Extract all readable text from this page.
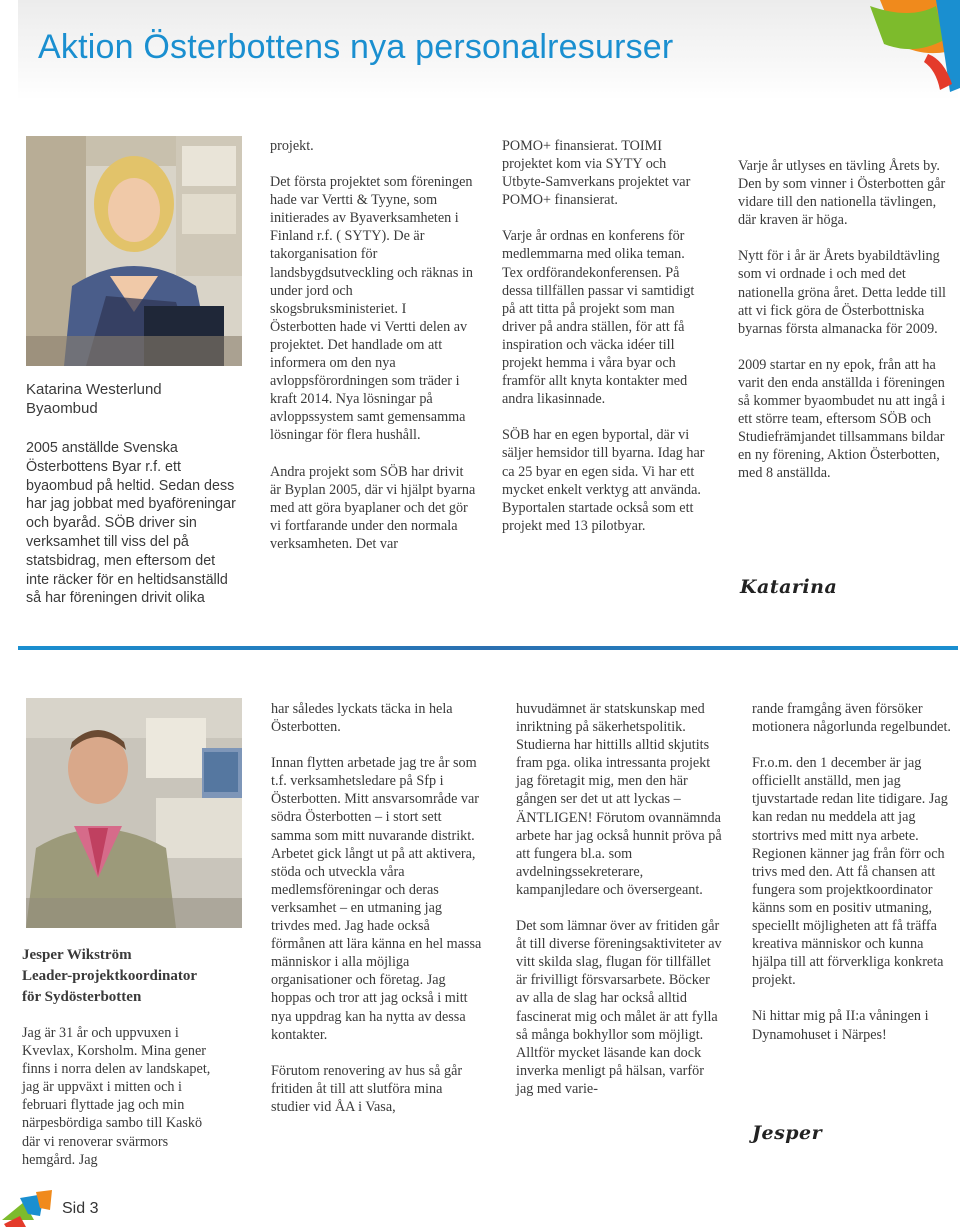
Aktion Österbottens nya personalresurser
Katarina Westerlund
Byaombud

2005 anställde Svenska Österbottens Byar r.f. ett byaombud på heltid. Sedan dess har jag jobbat med byaföreningar och byaråd. SÖB driver sin verksamhet till viss del på statsbidrag, men eftersom det inte räcker för en heltidsanställd så har föreningen drivit olika

projekt.

Det första projektet som föreningen hade var Vertti & Tyyne, som initierades av Byaverksamheten i Finland r.f. ( SYTY). De är takorganisation för landsbygdsutveckling och räknas in under jord och skogsbruksministeriet. I Österbotten hade vi Vertti delen av projektet. Det handlade om att informera om den nya avloppsförordningen som träder i kraft 2014. Nya lösningar på avloppssystem samt gemensamma lösningar för flera hushåll.

Andra projekt som SÖB har drivit är Byplan 2005, där vi hjälpt byarna med att göra byaplaner och det gör vi fortfarande under den normala verksamheten. Det var

POMO+ finansierat. TOIMI projektet kom via SYTY och Utbyte-Samverkans projektet var POMO+ finansierat.

Varje år ordnas en konferens för medlemmarna med olika teman. Tex ordförandekonferensen. På dessa tillfällen passar vi samtidigt på att titta på projekt som man driver på andra ställen, för att få inspiration och väcka idéer till projekt hemma i våra byar och framför allt knyta kontakter med andra likasinnade.

SÖB har en egen byportal, där vi säljer hemsidor till byarna. Idag har ca 25 byar en egen sida. Vi har ett mycket enkelt verktyg att använda. Byportalen startade också som ett projekt med 13 pilotbyar.

Varje år utlyses en tävling Årets by. Den by som vinner i Österbotten går vidare till den nationella tävlingen, där kraven är höga.

Nytt för i år är Årets byabildtävling som vi ordnade i och med det nationella gröna året. Detta ledde till att vi fick göra de Österbottniska byarnas första almanacka för 2009.

2009 startar en ny epok, från att ha varit den enda anställda i föreningen så kommer byaombudet nu att ingå i ett större team, eftersom SÖB och Studiefrämjandet tillsammans bildar en ny förening, Aktion Österbotten, med 8 anställda.

Katarina
Jesper Wikström
Leader-projektkoordinator
för Sydösterbotten

Jag är 31 år och uppvuxen i Kvevlax, Korsholm. Mina gener finns i norra delen av landskapet, jag är uppväxt i mitten och i februari flyttade jag och min närpesbördiga sambo till Kaskö där vi renoverar svärmors hemgård. Jag

har således lyckats täcka in hela Österbotten.

Innan flytten arbetade jag tre år som t.f. verksamhetsledare på Sfp i Österbotten. Mitt ansvarsområde var södra Österbotten – i stort sett samma som mitt nuvarande distrikt. Arbetet gick långt ut på att aktivera, stöda och utveckla våra medlemsföreningar och deras verksamhet – en utmaning jag trivdes med. Jag hade också förmånen att lära känna en hel massa människor i alla möjliga organisationer och företag. Jag hoppas och tror att jag också i mitt nya uppdrag kan ha nytta av dessa kontakter.

Förutom renovering av hus så går fritiden åt till att slutföra mina studier vid ÅA i Vasa,

huvudämnet är statskunskap med inriktning på säkerhetspolitik. Studierna har hittills alltid skjutits fram pga. olika intressanta projekt jag företagit mig, men den här gången ser det ut att lyckas – ÄNTLIGEN! Förutom ovannämnda arbete har jag också hunnit pröva på att fungera bl.a. som avdelningssekreterare, kampanjledare och översergeant.

Det som lämnar över av fritiden går åt till diverse föreningsaktiviteter av vitt skilda slag, flugan för tillfället är frivilligt försvarsarbete. Böcker av alla de slag har också alltid fascinerat mig och målet är att fylla så många bokhyllor som möjligt. Alltför mycket läsande kan dock inverka menligt på hälsan, varför jag med varie-

rande framgång även försöker motionera någorlunda regelbundet.

Fr.o.m. den 1 december är jag officiellt anställd, men jag tjuvstartade redan lite tidigare. Jag kan redan nu meddela att jag stortrivs med mitt nya arbete. Regionen känner jag från förr och trivs med den. Att få chansen att fungera som projektkoordinator känns som en positiv utmaning, speciellt möjligheten att få träffa kreativa människor och kunna hjälpa till att förverkliga konkreta projekt.

Ni hittar mig på II:a våningen i Dynamohuset i Närpes!

Jesper
Sid 3
